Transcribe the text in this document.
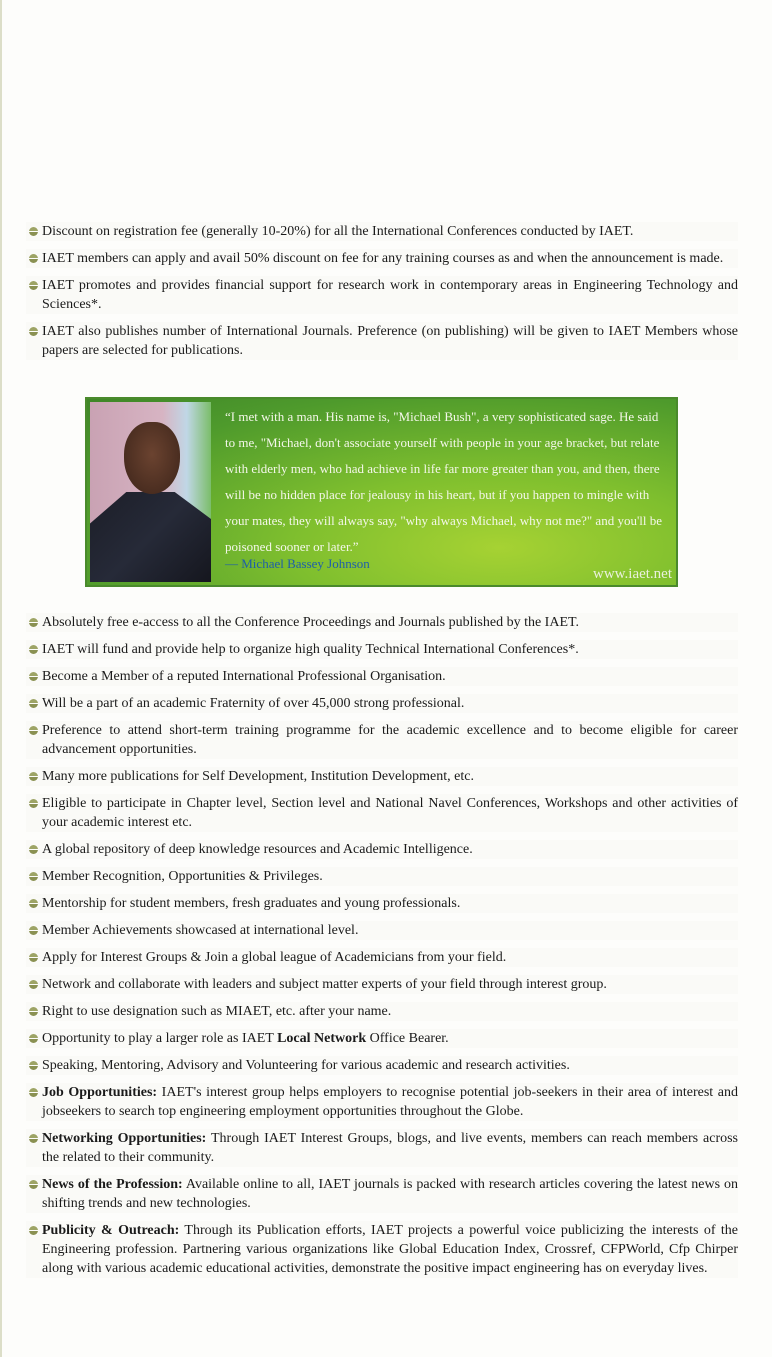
Discount on registration fee (generally 10-20%) for all the International Conferences conducted by IAET.
IAET members can apply and avail 50% discount on fee for any training courses as and when the announcement is made.
IAET promotes and provides financial support for research work in contemporary areas in Engineering Technology and Sciences*.
IAET also publishes number of International Journals. Preference (on publishing) will be given to IAET Members whose papers are selected for publications.
“I met with a man. His name is, "Michael Bush", a very sophisticated sage. He said to me, "Michael, don't associate yourself with people in your age bracket, but relate with elderly men, who had achieve in life far more greater than you, and then, there will be no hidden place for jealousy in his heart, but if you happen to mingle with your mates, they will always say, "why always Michael, why not me?" and you'll be poisoned sooner or later.”
― Michael Bassey Johnson
www.iaet.net
Absolutely free e-access to all the Conference Proceedings and Journals published by the IAET.
IAET will fund and provide help to organize high quality Technical International Conferences*.
Become a Member of a reputed International Professional Organisation.
Will be a part of an academic Fraternity of over 45,000 strong professional.
Preference to attend short-term training programme for the academic excellence and to become eligible for career advancement opportunities.
Many more publications for Self Development, Institution Development, etc.
Eligible to participate in Chapter level, Section level and National Navel Conferences, Workshops and other activities of your academic interest etc.
A global repository of deep knowledge resources and Academic Intelligence.
Member Recognition, Opportunities & Privileges.
Mentorship for student members, fresh graduates and young professionals.
Member Achievements showcased at international level.
Apply for Interest Groups & Join a global league of Academicians from your field.
Network and collaborate with leaders and subject matter experts of your field through interest group.
Right to use designation such as MIAET, etc. after your name.
Opportunity to play a larger role as IAET Local Network Office Bearer.
Speaking, Mentoring, Advisory and Volunteering for various academic and research activities.
Job Opportunities: IAET's interest group helps employers to recognise potential job-seekers in their area of interest and jobseekers to search top engineering employment opportunities throughout the Globe.
Networking Opportunities: Through IAET Interest Groups, blogs, and live events, members can reach members across the related to their community.
News of the Profession: Available online to all, IAET journals is packed with research articles covering the latest news on shifting trends and new technologies.
Publicity & Outreach: Through its Publication efforts, IAET projects a powerful voice publicizing the interests of the Engineering profession. Partnering various organizations like Global Education Index, Crossref, CFPWorld, Cfp Chirper along with various academic educational activities, demonstrate the positive impact engineering has on everyday lives.
